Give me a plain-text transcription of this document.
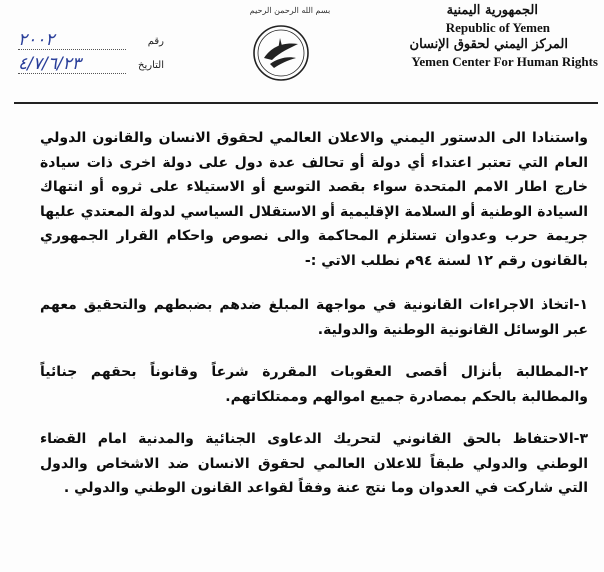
الجمهورية اليمنية
Republic of Yemen
المركز اليمني لحقوق الإنسان
Yemen Center For Human Rights
بسم الله الرحمن الرحيم
٢٠٠٢	رقم
٤/٧/٦/٢٣	التاريخ

واستنادا الى الدستور اليمني والاعلان العالمي لحقوق الانسان والقانون الدولي العام التي تعتبر اعتداء أي دولة أو تحالف عدة دول على دولة اخرى ذات سيادة خارج اطار الامم المتحدة سواء بقصد التوسع أو الاستيلاء على ثروه أو انتهاك السيادة الوطنية أو السلامة الإقليمية أو الاستقلال السياسي لدولة المعتدي عليها جريمة حرب وعدوان تستلزم المحاكمة والى نصوص واحكام القرار الجمهوري بالقانون رقم ١٢ لسنة ٩٤م نطلب الاتي :-

١-اتخاذ الاجراءات القانونية في مواجهة المبلغ ضدهم بضبطهم والتحقيق معهم عبر الوسائل القانونية الوطنية والدولية.

٢-المطالبة بأنزال أقصى العقوبات المقررة شرعاً وقانوناً بحقهم جنائياً والمطالبة بالحكم بمصادرة جميع اموالهم وممتلكاتهم.

٣-الاحتفاظ بالحق القانوني لتحريك الدعاوى الجنائية والمدنية امام القضاء الوطني والدولي طبقاً للاعلان العالمي لحقوق الانسان ضد الاشخاص والدول التي شاركت في العدوان وما نتج عنة وفقاً لقواعد القانون الوطني والدولي .
